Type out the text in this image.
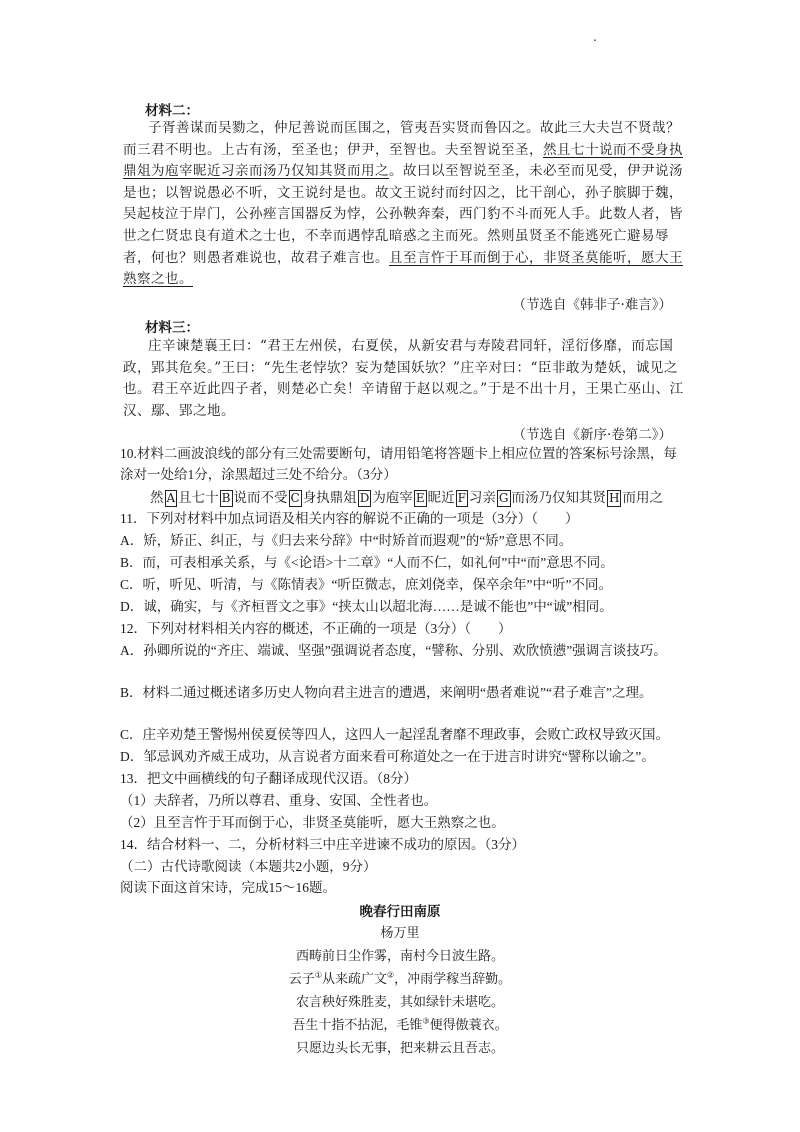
.
材料二：

子胥善谋而吴勠之，仲尼善说而匡围之，管夷吾实贤而鲁囚之。故此三大夫岂不贤哉？而三君不明也。上古有汤，至圣也；伊尹，至智也。夫至智说至圣，然且七十说而不受身执鼎俎为庖宰昵近习亲而汤乃仅知其贤而用之。故曰以至智说至圣，未必至而见受，伊尹说汤是也；以智说愚必不听，文王说纣是也。故文王说纣而纣囚之，比干剖心，孙子膑脚于魏，吴起枝泣于岸门，公孙痤言国器反为悖，公孙鞅奔秦，西门豹不斗而死人手。此数人者，皆世之仁贤忠良有道术之士也，不幸而遇悖乱暗惑之主而死。然则虽贤圣不能逃死亡避易辱者，何也？则愚者难说也，故君子难言也。且至言忤于耳而倒于心，非贤圣莫能听，愿大王熟察之也。

（节选自《韩非子·难言》）
材料三：

庄辛谏楚襄王曰：“君王左州侯，右夏侯，从新安君与寿陵君同轩，淫衍侈靡，而忘国政，郢其危矣。”王曰：“先生老悖欤？妄为楚国妖欤？”庄辛对曰：“臣非敢为楚妖，诚见之也。君王卒近此四子者，则楚必亡矣！辛请留于赵以观之。”于是不出十月，王果亡巫山、江汉、鄢、郢之地。

（节选自《新序·卷第二》）

10.材料二画波浪线的部分有三处需要断句，请用铅笔将答题卡上相应位置的答案标号涂黑，每涂对一处给1分，涂黑超过三处不给分。（3分）

然 A 且七十 B 说而不受 C 身执鼎俎 D 为庖宰 E 昵近 F 习亲 G 而汤乃仅知其贤 H 而用之

11．下列对材料中加点词语及相关内容的解说不正确的一项是（3分）（　　）

A．矫，矫正、纠正，与《归去来兮辞》中“时矫首而遐观”的“矫”意思不同。

B．而，可表相承关系，与《<论语>十二章》“人而不仁，如礼何”中“而”意思不同。

C．听，听见、听清，与《陈情表》“听臣微志，庶刘侥幸，保卒余年”中“听”不同。

D．诚，确实，与《齐桓晋文之事》“挟太山以超北海……是诚不能也”中“诚”相同。

12．下列对材料相关内容的概述，不正确的一项是（3分）（　　）

A．孙卿所说的“齐庄、端诚、坚强”强调说者态度，“譬称、分别、欢欣愤懑”强调言谈技巧。

B．材料二通过概述诸多历史人物向君主进言的遭遇，来阐明“愚者难说”“君子难言”之理。

C．庄辛劝楚王警惕州侯夏侯等四人，这四人一起淫乱奢靡不理政事，会败亡政权导致灭国。

D．邹忌讽劝齐威王成功，从言说者方面来看可称道处之一在于进言时讲究“譬称以谕之”。

13．把文中画横线的句子翻译成现代汉语。（8分）

（1）夫辞者，乃所以尊君、重身、安国、全性者也。

（2）且至言忤于耳而倒于心，非贤圣莫能听，愿大王熟察之也。

14．结合材料一、二，分析材料三中庄辛进谏不成功的原因。（3分）

（二）古代诗歌阅读（本题共2小题，9分）

阅读下面这首宋诗，完成15～16题。

晚春行田南原
杨万里
西畴前日尘作雾，南村今日波生路。
云子①从来疏广文②，冲雨学稼当辞勤。
农言秧好殊胜麦，其如绿针未堪吃。
吾生十指不拈泥，毛锥③便得傲蓑衣。
只愿边头长无事，把来耕云且吾志。
